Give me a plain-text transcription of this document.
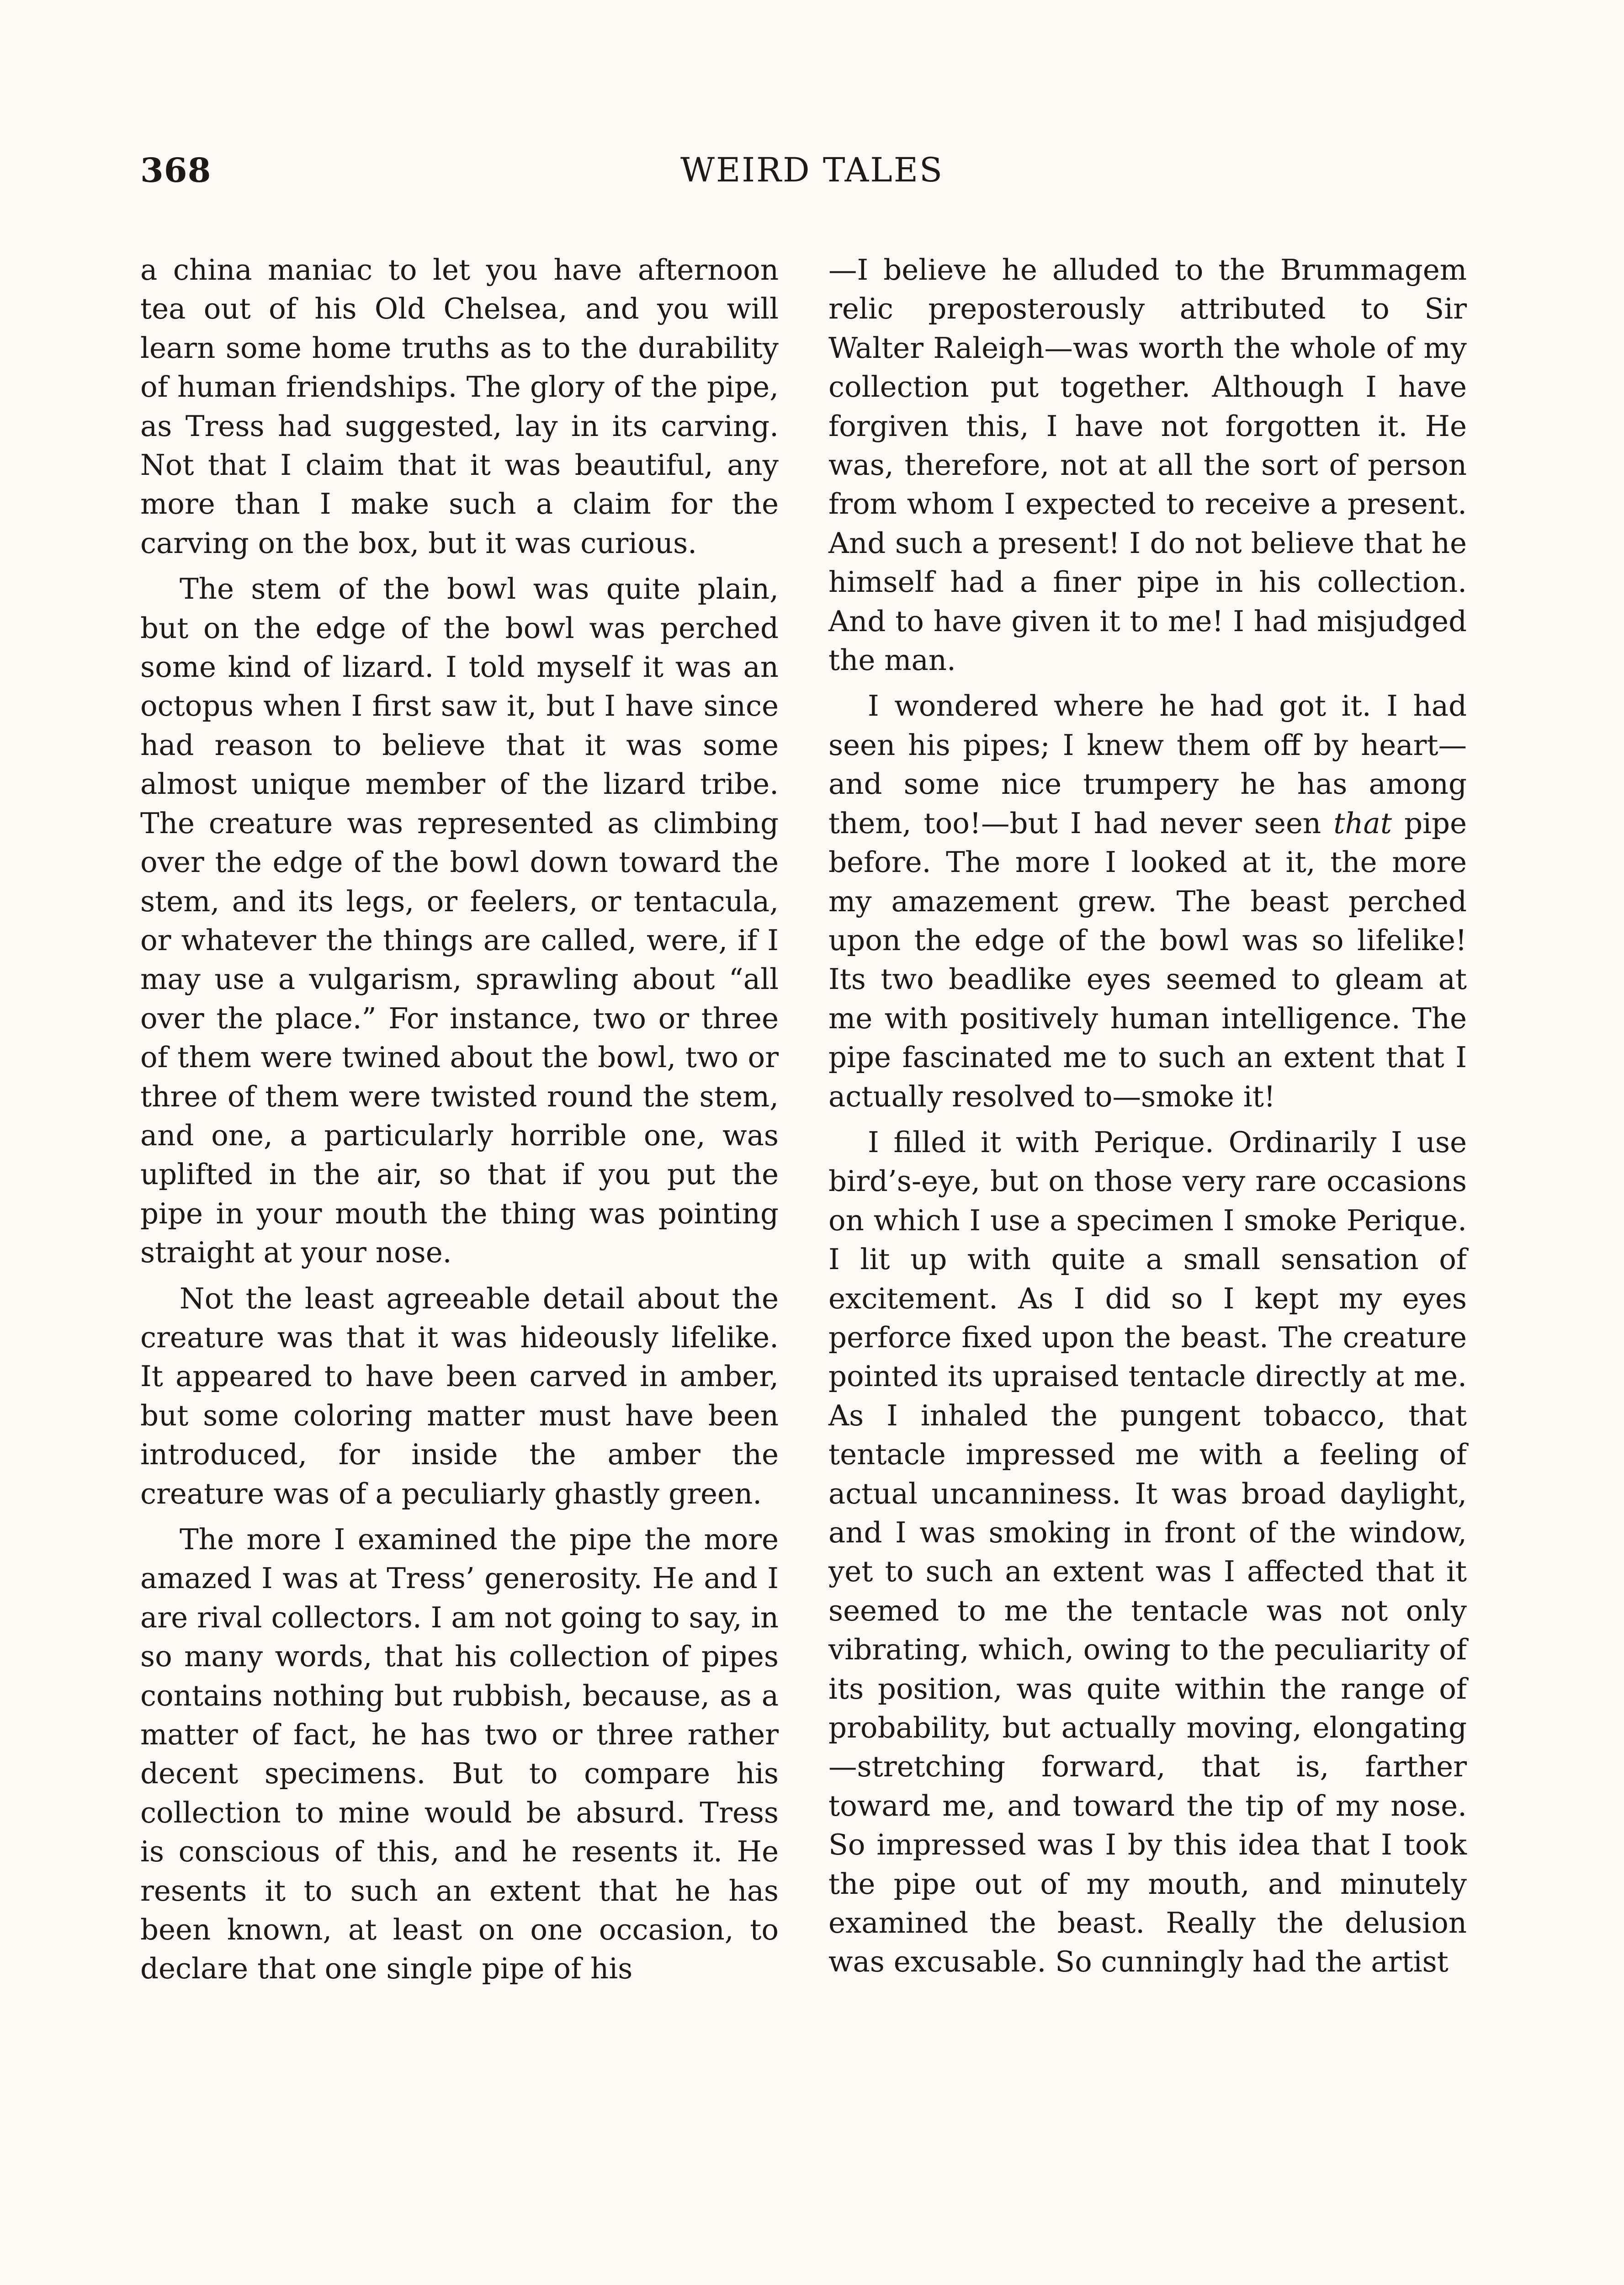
368	WEIRD TALES

a china maniac to let you have afternoon tea out of his Old Chelsea, and you will learn some home truths as to the durability of human friendships. The glory of the pipe, as Tress had suggested, lay in its carving. Not that I claim that it was beautiful, any more than I make such a claim for the carving on the box, but it was curious.

The stem of the bowl was quite plain, but on the edge of the bowl was perched some kind of lizard. I told myself it was an octopus when I first saw it, but I have since had reason to believe that it was some almost unique member of the lizard tribe. The creature was represented as climbing over the edge of the bowl down toward the stem, and its legs, or feelers, or tentacula, or whatever the things are called, were, if I may use a vulgarism, sprawling about “all over the place.” For instance, two or three of them were twined about the bowl, two or three of them were twisted round the stem, and one, a particularly horrible one, was uplifted in the air, so that if you put the pipe in your mouth the thing was pointing straight at your nose.

Not the least agreeable detail about the creature was that it was hideously lifelike. It appeared to have been carved in amber, but some coloring matter must have been introduced, for inside the amber the creature was of a peculiarly ghastly green.

The more I examined the pipe the more amazed I was at Tress’ generosity. He and I are rival collectors. I am not going to say, in so many words, that his collection of pipes contains nothing but rubbish, because, as a matter of fact, he has two or three rather decent specimens. But to compare his collection to mine would be absurd. Tress is conscious of this, and he resents it. He resents it to such an extent that he has been known, at least on one occasion, to declare that one single pipe of his

—I believe he alluded to the Brummagem relic preposterously attributed to Sir Walter Raleigh—was worth the whole of my collection put together. Although I have forgiven this, I have not forgotten it. He was, therefore, not at all the sort of person from whom I expected to receive a present. And such a present! I do not believe that he himself had a finer pipe in his collection. And to have given it to me! I had misjudged the man.

I wondered where he had got it. I had seen his pipes; I knew them off by heart—and some nice trumpery he has among them, too!—but I had never seen that pipe before. The more I looked at it, the more my amazement grew. The beast perched upon the edge of the bowl was so lifelike! Its two beadlike eyes seemed to gleam at me with positively human intelligence. The pipe fascinated me to such an extent that I actually resolved to—smoke it!

I filled it with Perique. Ordinarily I use bird’s-eye, but on those very rare occasions on which I use a specimen I smoke Perique. I lit up with quite a small sensation of excitement. As I did so I kept my eyes perforce fixed upon the beast. The creature pointed its upraised tentacle directly at me. As I inhaled the pungent tobacco, that tentacle impressed me with a feeling of actual uncanniness. It was broad daylight, and I was smoking in front of the window, yet to such an extent was I affected that it seemed to me the tentacle was not only vibrating, which, owing to the peculiarity of its position, was quite within the range of probability, but actually moving, elongating—stretching forward, that is, farther toward me, and toward the tip of my nose. So impressed was I by this idea that I took the pipe out of my mouth, and minutely examined the beast. Really the delusion was excusable. So cunningly had the artist
